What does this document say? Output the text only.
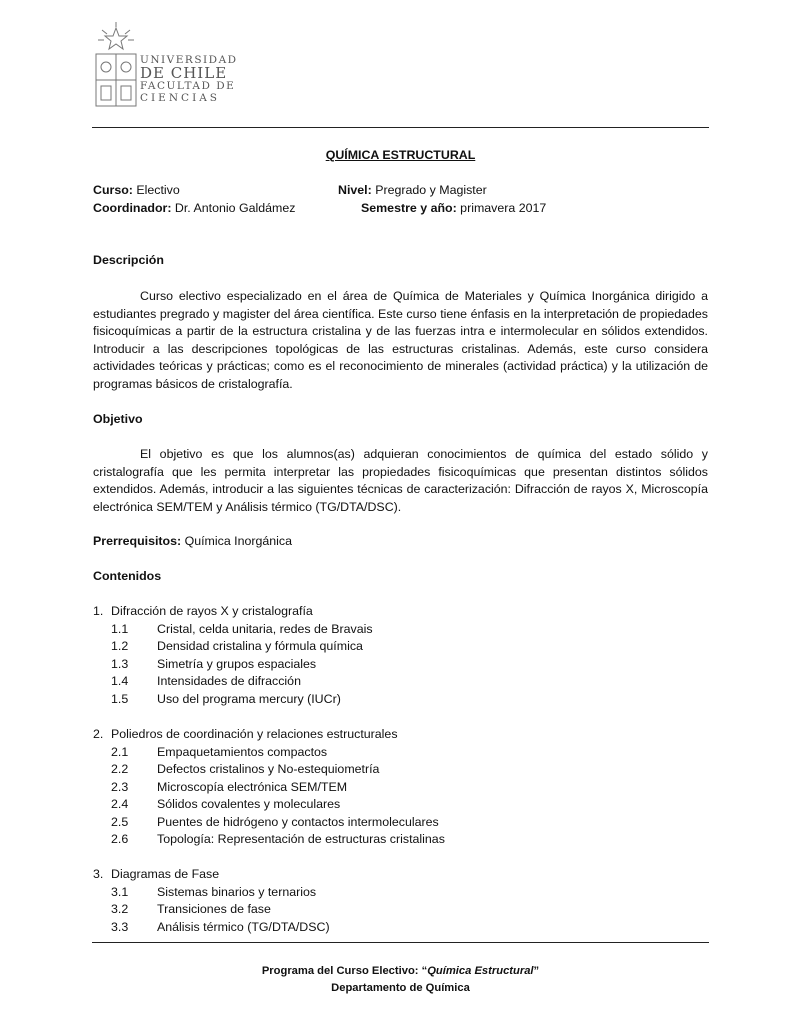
UNIVERSIDAD
DE CHILE
FACULTAD DE
CIENCIAS
QUÍMICA ESTRUCTURAL
Curso: Electivo	Nivel: Pregrado y Magister
Coordinador: Dr. Antonio Galdámez	Semestre y año: primavera 2017
Descripción
Curso electivo especializado en el área de Química de Materiales y Química Inorgánica dirigido a estudiantes pregrado y magister del área científica. Este curso tiene énfasis en la interpretación de propiedades fisicoquímicas a partir de la estructura cristalina y de las fuerzas intra e intermolecular en sólidos extendidos. Introducir a las descripciones topológicas de las estructuras cristalinas. Además, este curso considera actividades teóricas y prácticas; como es el reconocimiento de minerales (actividad práctica) y la utilización de programas básicos de cristalografía.
Objetivo
El objetivo es que los alumnos(as) adquieran conocimientos de química del estado sólido y cristalografía que les permita interpretar las propiedades fisicoquímicas que presentan distintos sólidos extendidos. Además, introducir a las siguientes técnicas de caracterización: Difracción de rayos X, Microscopía electrónica SEM/TEM y Análisis térmico (TG/DTA/DSC).
Prerrequisitos: Química Inorgánica
Contenidos
1. Difracción de rayos X y cristalografía
1.1 Cristal, celda unitaria, redes de Bravais
1.2 Densidad cristalina y fórmula química
1.3 Simetría y grupos espaciales
1.4 Intensidades de difracción
1.5 Uso del programa mercury (IUCr)
2. Poliedros de coordinación y relaciones estructurales
2.1 Empaquetamientos compactos
2.2 Defectos cristalinos y No-estequiometría
2.3 Microscopía electrónica SEM/TEM
2.4 Sólidos covalentes y moleculares
2.5 Puentes de hidrógeno y contactos intermoleculares
2.6 Topología: Representación de estructuras cristalinas
3. Diagramas de Fase
3.1 Sistemas binarios y ternarios
3.2 Transiciones de fase
3.3 Análisis térmico (TG/DTA/DSC)
Programa del Curso Electivo: “Química Estructural”
Departamento de Química
